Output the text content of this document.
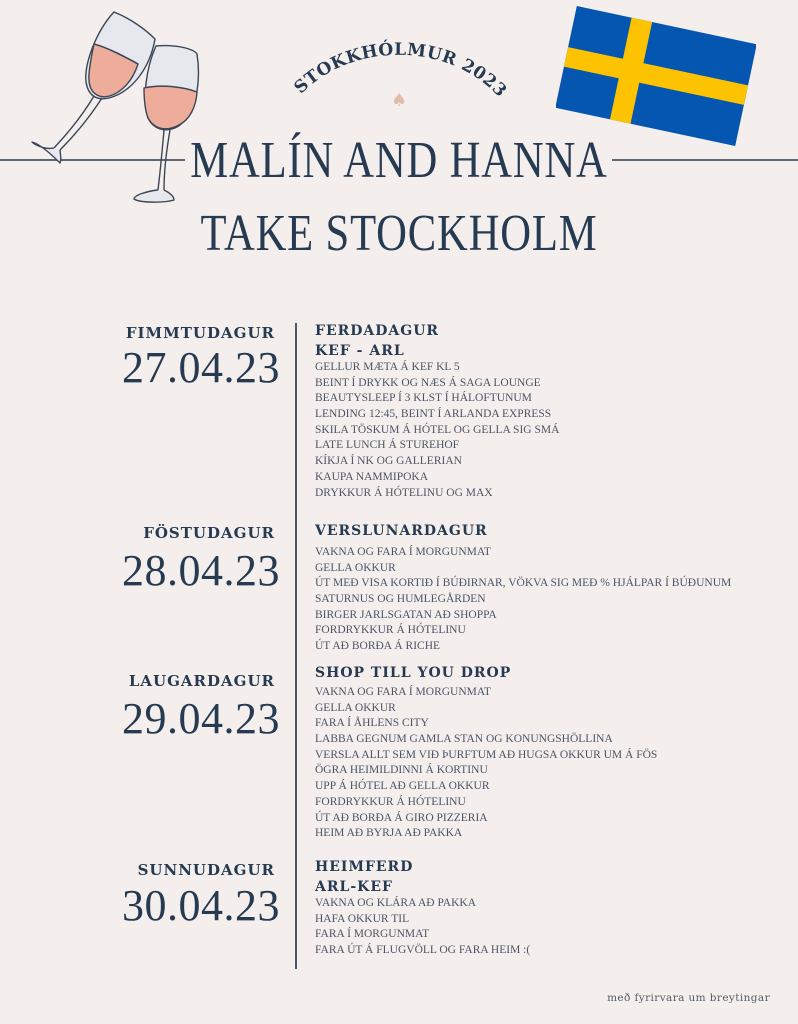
STOKKHÓLMUR 2023
♠
MALÍN AND HANNA
TAKE STOCKHOLM
FIMMTUDAGUR
27.04.23
FERDADAGUR
KEF - ARL
GELLUR MÆTA Á KEF KL 5
BEINT Í DRYKK OG NÆS Á SAGA LOUNGE
BEAUTYSLEEP Í 3 KLST Í HÁLOFTUNUM
LENDING 12:45, BEINT Í ARLANDA EXPRESS
SKILA TÖSKUM Á HÓTEL OG GELLA SIG SMÁ
LATE LUNCH Á STUREHOF
KÍKJA Í NK OG GALLERIAN
KAUPA NAMMIPOKA
DRYKKUR Á HÓTELINU OG MAX
FÖSTUDAGUR
28.04.23
VERSLUNARDAGUR
VAKNA OG FARA Í MORGUNMAT
GELLA OKKUR
ÚT MEÐ VISA KORTIÐ Í BÚÐIRNAR, VÖKVA SIG MEÐ % HJÁLPAR Í BÚÐUNUM
SATURNUS OG HUMLEGÅRDEN
BIRGER JARLSGATAN AÐ SHOPPA
FORDRYKKUR Á HÓTELINU
ÚT AÐ BORÐA Á RICHE
LAUGARDAGUR
29.04.23
SHOP TILL YOU DROP
VAKNA OG FARA Í MORGUNMAT
GELLA OKKUR
FARA Í ÅHLENS CITY
LABBA GEGNUM GAMLA STAN OG KONUNGSHÖLLINA
VERSLA ALLT SEM VIÐ ÞURFTUM AÐ HUGSA OKKUR UM Á FÖS
ÖGRA HEIMILDINNI Á KORTINU
UPP Á HÓTEL AÐ GELLA OKKUR
FORDRYKKUR Á HÓTELINU
ÚT AÐ BORÐA Á GIRO PIZZERIA
HEIM AÐ BYRJA AÐ PAKKA
SUNNUDAGUR
30.04.23
HEIMFERD
ARL-KEF
VAKNA OG KLÁRA AÐ PAKKA
HAFA OKKUR TIL
FARA Í MORGUNMAT
FARA ÚT Á FLUGVÖLL OG FARA HEIM :(
með fyrirvara um breytingar
